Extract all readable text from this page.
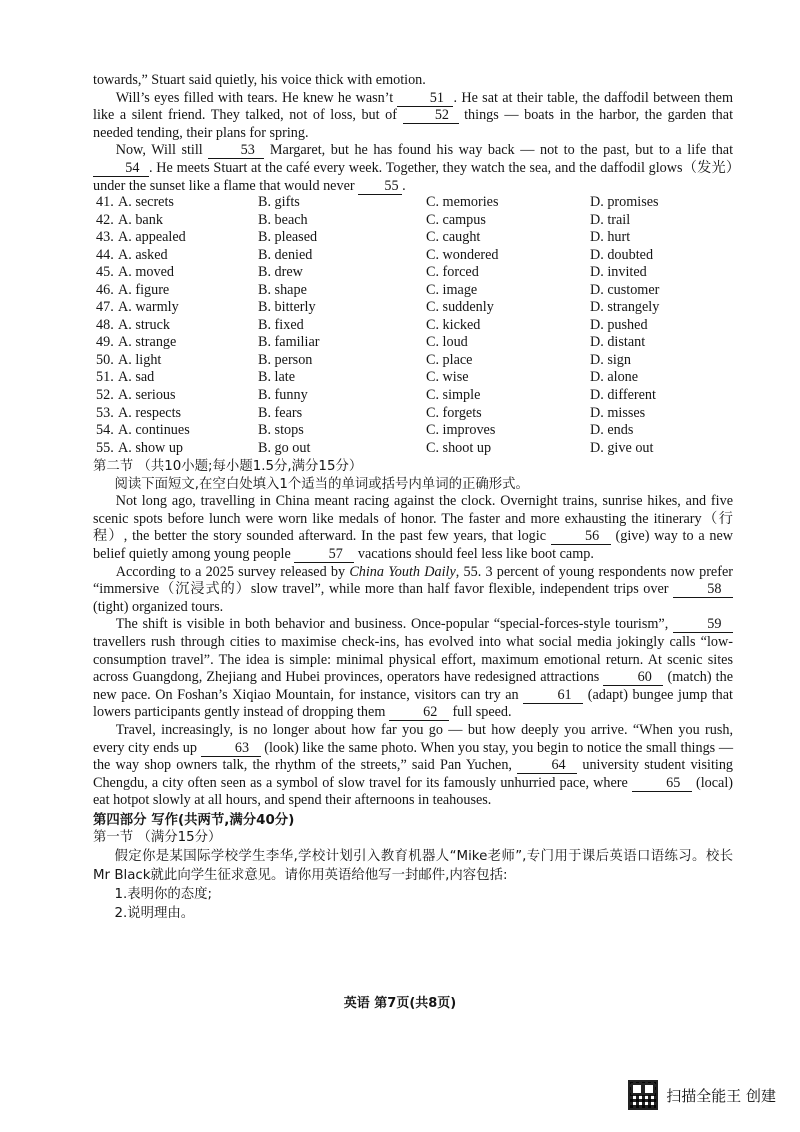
towards,” Stuart said quietly, his voice thick with emotion.

Will’s eyes filled with tears. He knew he wasn’t	51 . He sat at their table, the daffodil between them like a silent friend. They talked, not of loss, but of	52 things — boats in the harbor, the garden that needed tending, their plans for spring.

Now, Will still	53 Margaret, but he has found his way back — not to the past, but to a life that 54 . He meets Stuart at the café every week. Together, they watch the sea, and the daffodil glows（发光）under the sunset like a flame that would never 55 .

41. A. secrets	B. gifts	C. memories	D. promises
42. A. bank	B. beach	C. campus	D. trail
43. A. appealed	B. pleased	C. caught	D. hurt
44. A. asked	B. denied	C. wondered	D. doubted
45. A. moved	B. drew	C. forced	D. invited
46. A. figure	B. shape	C. image	D. customer
47. A. warmly	B. bitterly	C. suddenly	D. strangely
48. A. struck	B. fixed	C. kicked	D. pushed
49. A. strange	B. familiar	C. loud	D. distant
50. A. light	B. person	C. place	D. sign
51. A. sad	B. late	C. wise	D. alone
52. A. serious	B. funny	C. simple	D. different
53. A. respects	B. fears	C. forgets	D. misses
54. A. continues	B. stops	C. improves	D. ends
55. A. show up	B. go out	C. shoot up	D. give out

第二节 （共10小题;每小题1.5分,满分15分）

阅读下面短文,在空白处填入1个适当的单词或括号内单词的正确形式。

Not long ago, travelling in China meant racing against the clock. Overnight trains, sunrise hikes, and five scenic spots before lunch were worn like medals of honor. The faster and more exhausting the itinerary（行程）, the better the story sounded afterward. In the past few years, that logic	56 (give) way to a new belief quietly among young people	57 vacations should feel less like boot camp.

According to a 2025 survey released by China Youth Daily, 55. 3 percent of young respondents now prefer “immersive（沉浸式的）slow travel”, while more than half favor flexible, independent trips over	58 (tight) organized tours.

The shift is visible in both behavior and business. Once-popular “special-forces-style tourism”,	59 travellers rush through cities to maximise check-ins, has evolved into what social media jokingly calls “low-consumption travel”. The idea is simple: minimal physical effort, maximum emotional return. At scenic sites across Guangdong, Zhejiang and Hubei provinces, operators have redesigned attractions	60 (match) the new pace. On Foshan’s Xiqiao Mountain, for instance, visitors can try an	61 (adapt) bungee jump that lowers participants gently instead of dropping them	62 full speed.

Travel, increasingly, is no longer about how far you go — but how deeply you arrive. “When you rush, every city ends up	63 (look) like the same photo. When you stay, you begin to notice the small things — the way shop owners talk, the rhythm of the streets,” said Pan Yuchen,	64 university student visiting Chengdu, a city often seen as a symbol of slow travel for its famously unhurried pace, where	65 (local) eat hotpot slowly at all hours, and spend their afternoons in teahouses.

第四部分 写作(共两节,满分40分)

第一节 （满分15分）

假定你是某国际学校学生李华,学校计划引入教育机器人“Mike老师”,专门用于课后英语口语练习。校长Mr Black就此向学生征求意见。请你用英语给他写一封邮件,内容包括:

1.表明你的态度;

2.说明理由。

英语 第7页(共8页)
扫描全能王 创建
